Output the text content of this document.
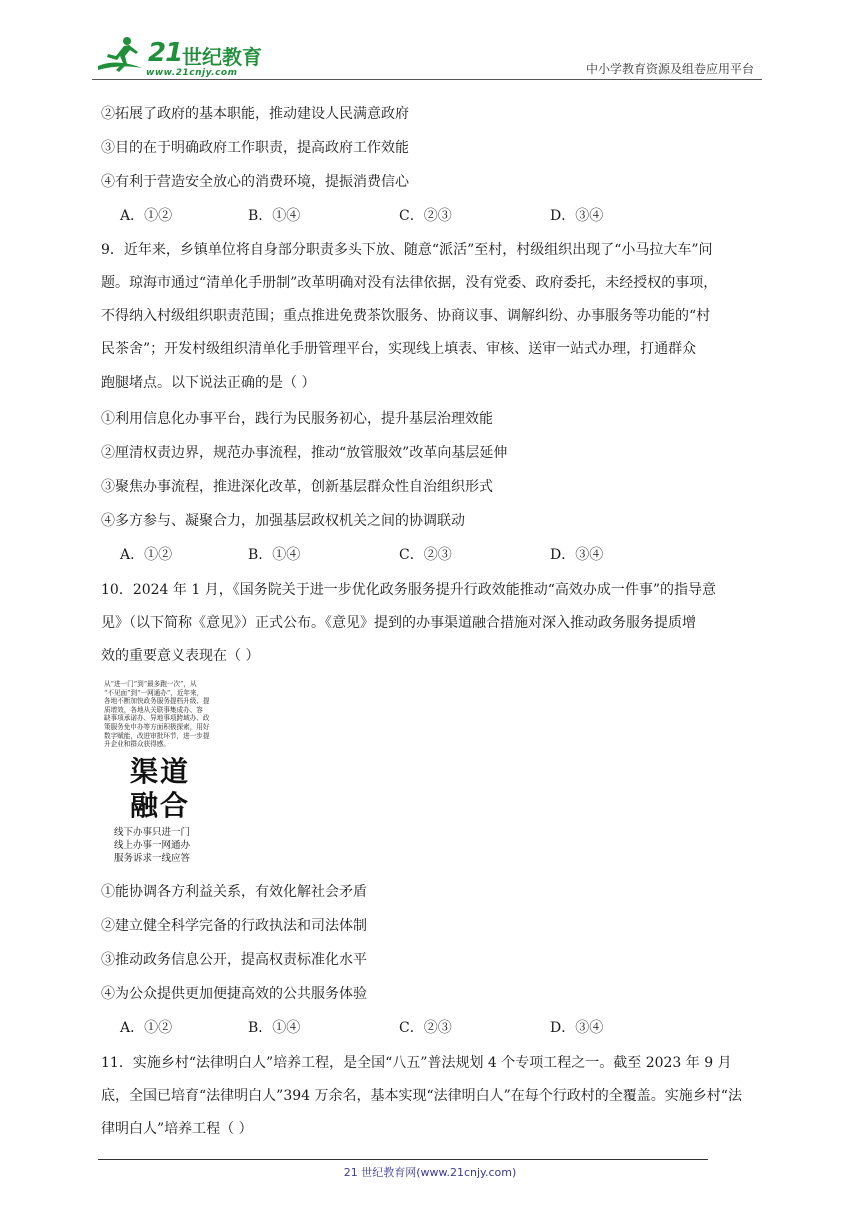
21 世纪教育
www.21cnjy.com	中小学教育资源及组卷应用平台
②拓展了政府的基本职能，推动建设人民满意政府
③目的在于明确政府工作职责，提高政府工作效能
④有利于营造安全放心的消费环境，提振消费信心
A．①②	B．①④	C．②③	D．③④
9．近年来，乡镇单位将自身部分职责多头下放、随意“派活”至村，村级组织出现了“小马拉大车”问
题。琼海市通过“清单化手册制”改革明确对没有法律依据，没有党委、政府委托，未经授权的事项，
不得纳入村级组织职责范围；重点推进免费茶饮服务、协商议事、调解纠纷、办事服务等功能的“村
民茶舍”；开发村级组织清单化手册管理平台，实现线上填表、审核、送审一站式办理，打通群众
跑腿堵点。以下说法正确的是（ ）
①利用信息化办事平台，践行为民服务初心，提升基层治理效能
②厘清权责边界，规范办事流程，推动“放管服效”改革向基层延伸
③聚焦办事流程，推进深化改革，创新基层群众性自治组织形式
④多方参与、凝聚合力，加强基层政权机关之间的协调联动
A．①②	B．①④	C．②③	D．③④
10．2024 年 1 月，《国务院关于进一步优化政务服务提升行政效能推动“高效办成一件事”的指导意
见》（以下简称《意见》）正式公布。《意见》提到的办事渠道融合措施对深入推动政务服务提质增
效的重要意义表现在（ ）
从“进一门”到“最多跑一次”，从
“不见面”到“一网通办”，近年来，
各地不断加快政务服务提档升级、提
质增效，各地从关联事集成办、容
缺事项承诺办、异地事项跨域办、政
策服务免申办等方面积极探索，用好
数字赋能，改进审批环节，进一步提
升企业和群众获得感。
渠道
融合
线下办事只进一门
线上办事一网通办
服务诉求一线应答
①能协调各方利益关系，有效化解社会矛盾
②建立健全科学完备的行政执法和司法体制
③推动政务信息公开，提高权责标准化水平
④为公众提供更加便捷高效的公共服务体验
A．①②	B．①④	C．②③	D．③④
11．实施乡村“法律明白人”培养工程，是全国“八五”普法规划 4 个专项工程之一。截至 2023 年 9 月
底，全国已培育“法律明白人”394 万余名，基本实现“法律明白人”在每个行政村的全覆盖。实施乡村“法
律明白人”培养工程（ ）
21 世纪教育网(www.21cnjy.com)
